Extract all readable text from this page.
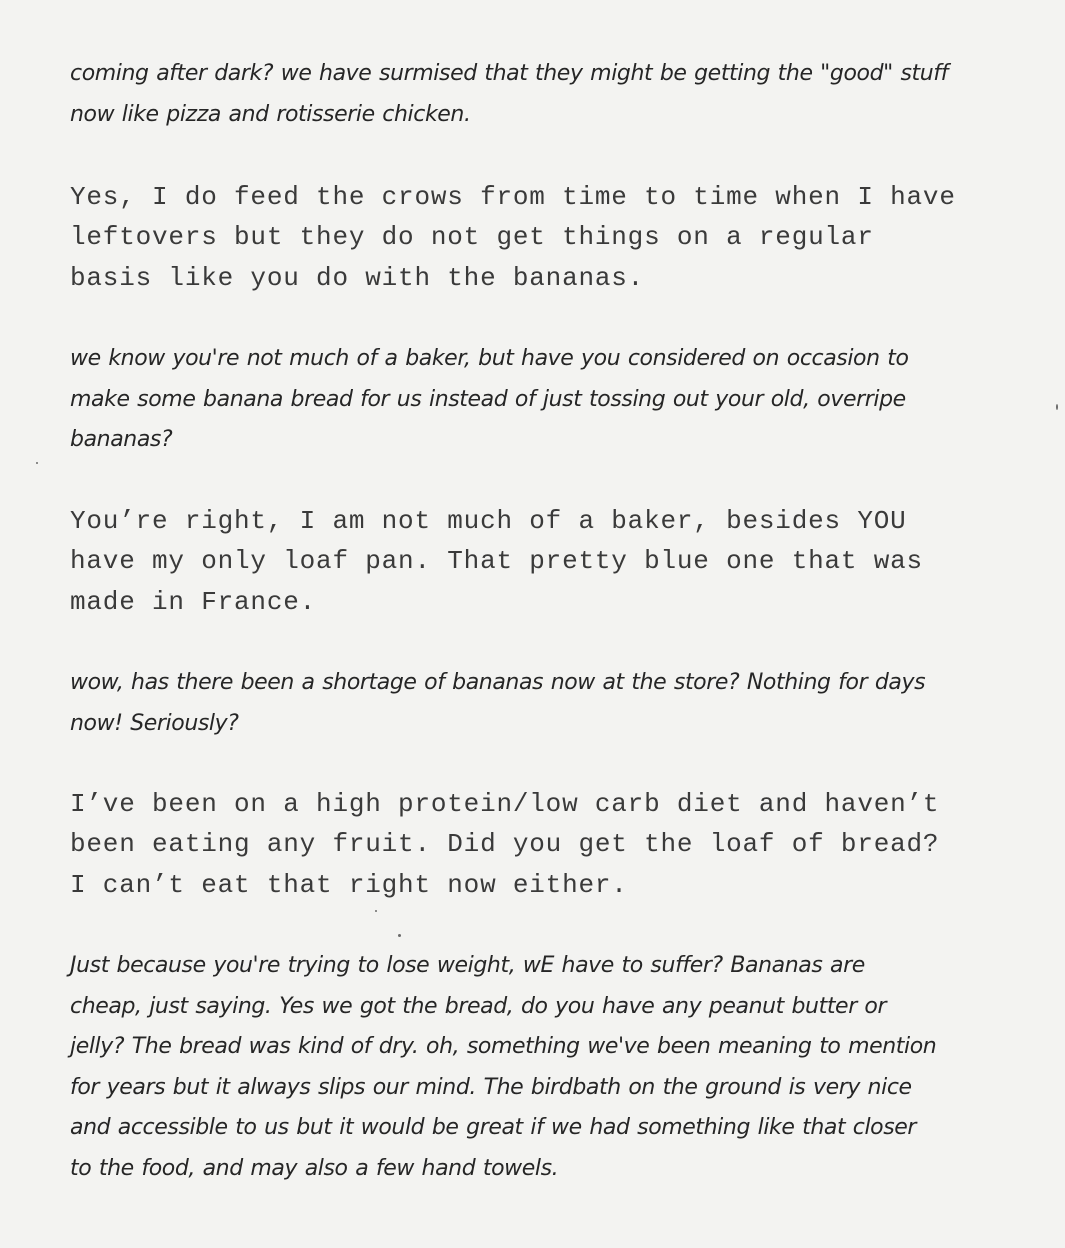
coming after dark? we have surmised that they might be getting the "good" stuff
now like pizza and rotisserie chicken.

Yes, I do feed the crows from time to time when I have
leftovers but they do not get things on a regular
basis like you do with the bananas.

we know you're not much of a baker, but have you considered on occasion to
make some banana bread for us instead of just tossing out your old, overripe
bananas?

You’re right, I am not much of a baker, besides YOU
have my only loaf pan. That pretty blue one that was
made in France.

wow, has there been a shortage of bananas now at the store? Nothing for days
now! Seriously?

I’ve been on a high protein/low carb diet and haven’t
been eating any fruit. Did you get the loaf of bread?
I can’t eat that right now either.

Just because you're trying to lose weight, wE have to suffer? Bananas are
cheap, just saying. Yes we got the bread, do you have any peanut butter or
jelly? The bread was kind of dry. oh, something we've been meaning to mention
for years but it always slips our mind. The birdbath on the ground is very nice
and accessible to us but it would be great if we had something like that closer
to the food, and may also a few hand towels.
